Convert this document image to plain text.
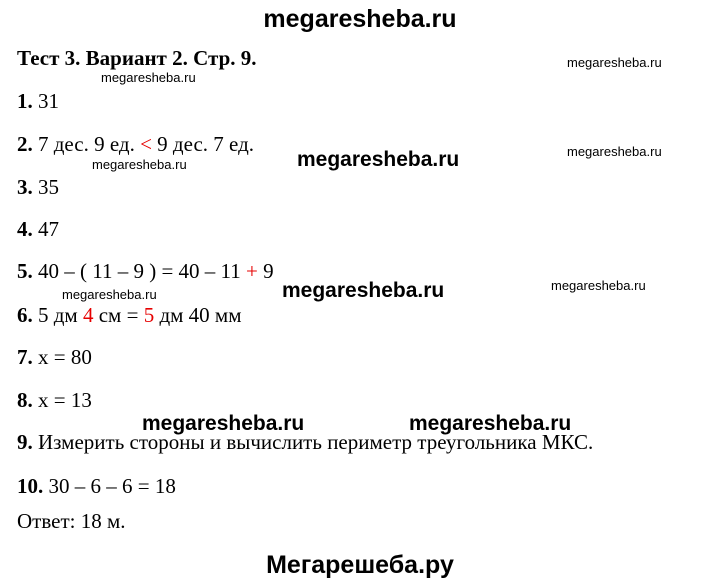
megaresheba.ru
Тест 3. Вариант 2. Стр. 9.	megaresheba.ru
megaresheba.ru
megaresheba.ru
megaresheba.ru	megaresheba.ru
megaresheba.ru
megaresheba.ru	megaresheba.ru
megaresheba.ru	megaresheba.ru
1. 31
2. 7 дес. 9 ед. < 9 дес. 7 ед.
3. 35
4. 47
5. 40 – ( 11 – 9 ) = 40 – 11 + 9
6. 5 дм 4 см = 5 дм 40 мм
7. x = 80
8. x = 13
9. Измерить стороны и вычислить периметр треугольника МКС.
10. 30 – 6 – 6 = 18
Ответ: 18 м.
Мегарешеба.ру
